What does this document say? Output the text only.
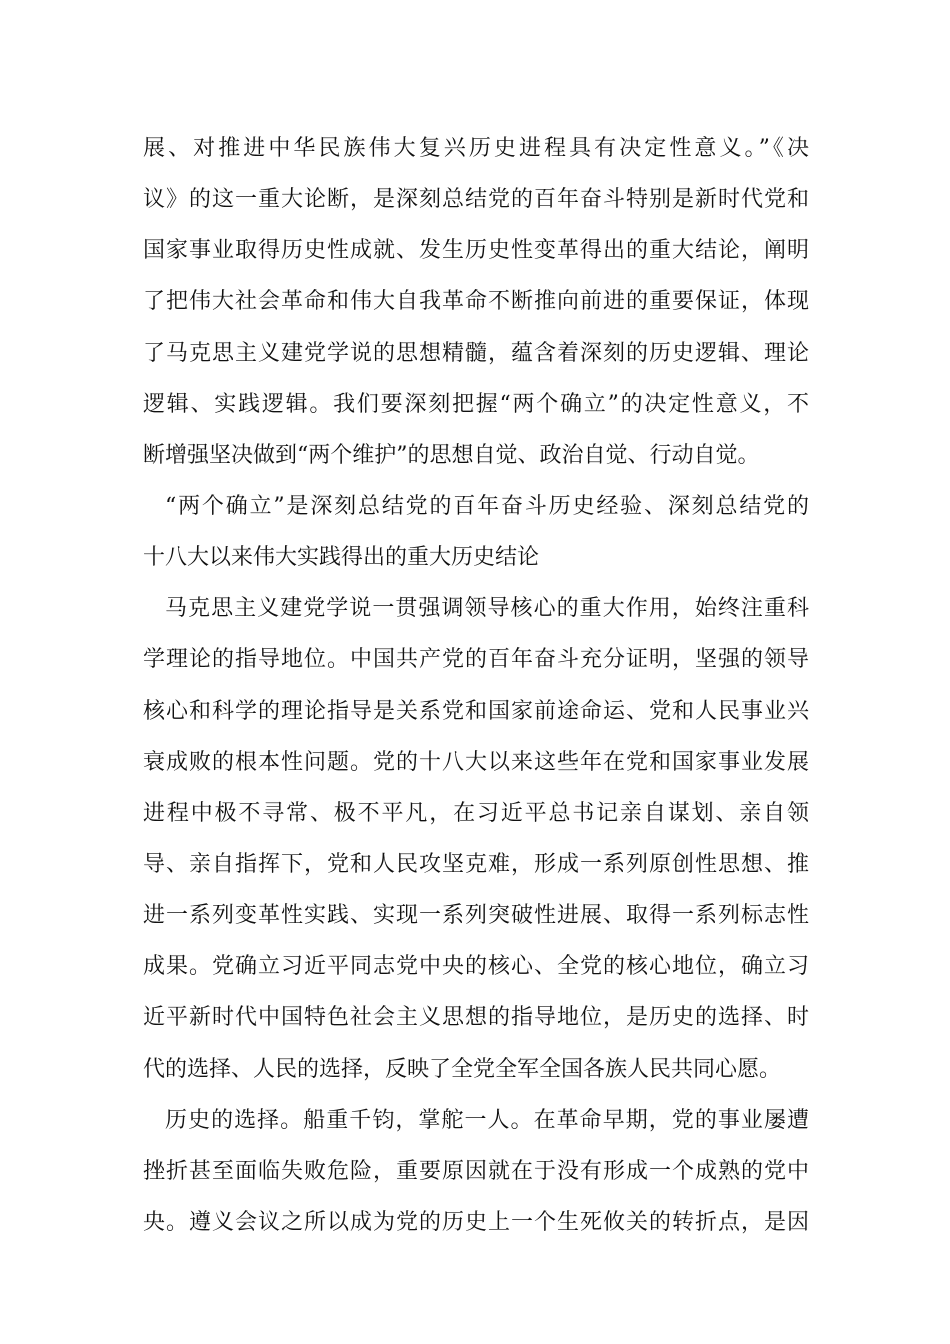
展、对推进中华民族伟大复兴历史进程具有决定性意义。”《决
议》的这一重大论断，是深刻总结党的百年奋斗特别是新时代党和
国家事业取得历史性成就、发生历史性变革得出的重大结论，阐明
了把伟大社会革命和伟大自我革命不断推向前进的重要保证，体现
了马克思主义建党学说的思想精髓，蕴含着深刻的历史逻辑、理论
逻辑、实践逻辑。我们要深刻把握“两个确立”的决定性意义，不
断增强坚决做到“两个维护”的思想自觉、政治自觉、行动自觉。
“两个确立”是深刻总结党的百年奋斗历史经验、深刻总结党的
十八大以来伟大实践得出的重大历史结论
马克思主义建党学说一贯强调领导核心的重大作用，始终注重科
学理论的指导地位。中国共产党的百年奋斗充分证明，坚强的领导
核心和科学的理论指导是关系党和国家前途命运、党和人民事业兴
衰成败的根本性问题。党的十八大以来这些年在党和国家事业发展
进程中极不寻常、极不平凡，在习近平总书记亲自谋划、亲自领
导、亲自指挥下，党和人民攻坚克难，形成一系列原创性思想、推
进一系列变革性实践、实现一系列突破性进展、取得一系列标志性
成果。党确立习近平同志党中央的核心、全党的核心地位，确立习
近平新时代中国特色社会主义思想的指导地位，是历史的选择、时
代的选择、人民的选择，反映了全党全军全国各族人民共同心愿。
历史的选择。船重千钧，掌舵一人。在革命早期，党的事业屡遭
挫折甚至面临失败危险，重要原因就在于没有形成一个成熟的党中
央。遵义会议之所以成为党的历史上一个生死攸关的转折点，是因
